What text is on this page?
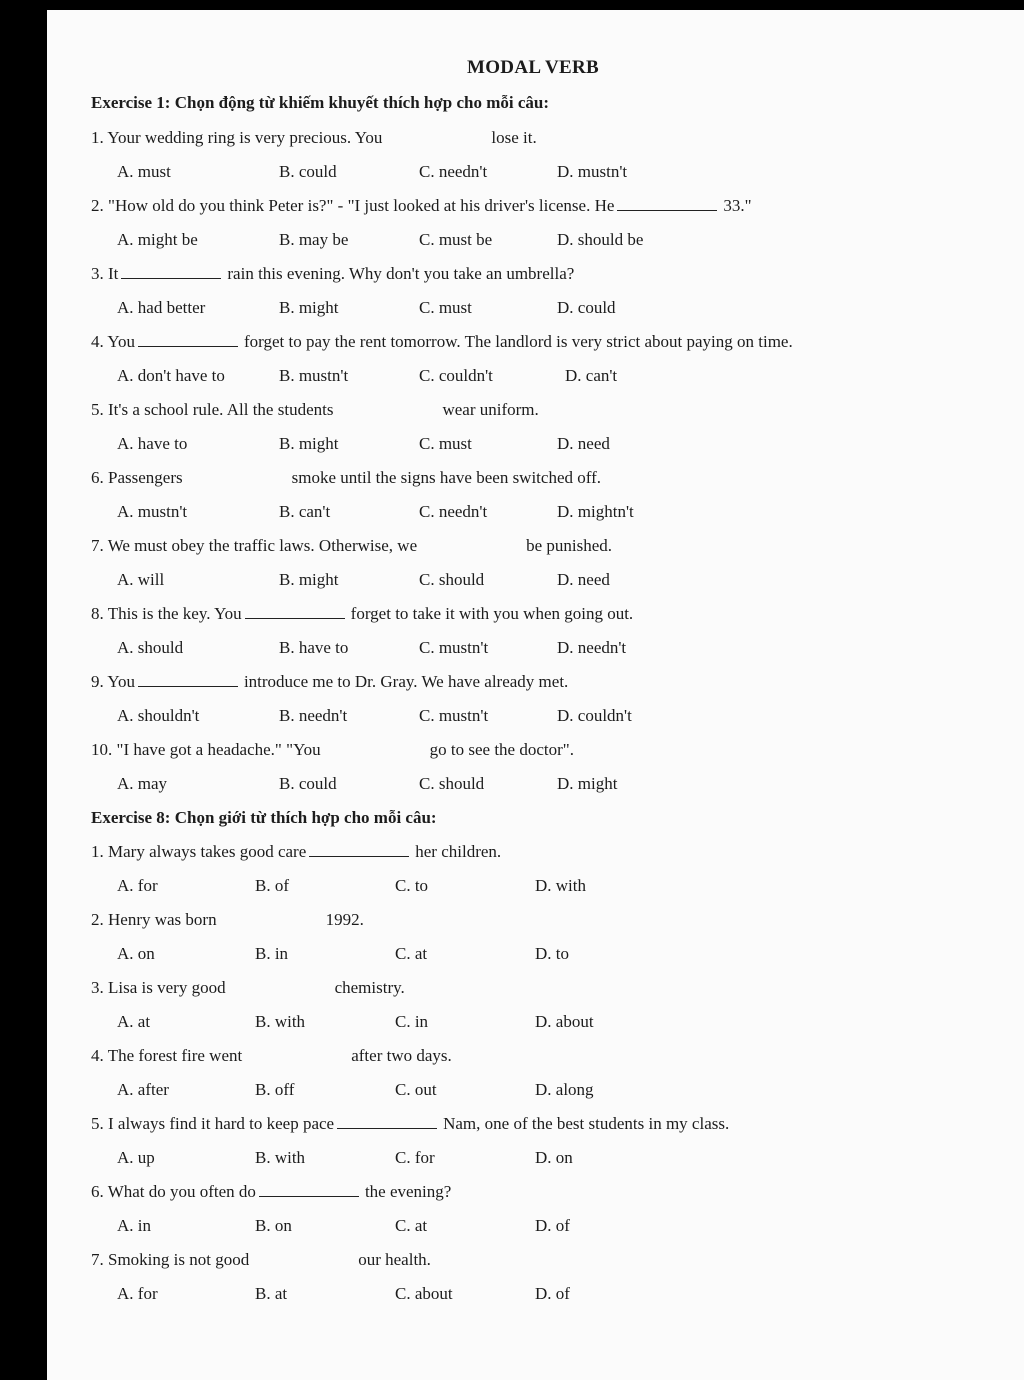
MODAL VERB
Exercise 1: Chọn động từ khiếm khuyết thích hợp cho mỗi câu:
1. Your wedding ring is very precious. You	lose it.
A. must	B. could	C. needn't	D. mustn't
2. "How old do you think Peter is?" - "I just looked at his driver's license. He	33."
A. might be	B. may be	C. must be	D. should be
3. It	rain this evening. Why don't you take an umbrella?
A. had better	B. might	C. must	D. could
4. You	forget to pay the rent tomorrow. The landlord is very strict about paying on time.
A. don't have to	B. mustn't	C. couldn't	D. can't
5. It's a school rule. All the students	wear uniform.
A. have to	B. might	C. must	D. need
6. Passengers	smoke until the signs have been switched off.
A. mustn't	B. can't	C. needn't	D. mightn't
7. We must obey the traffic laws. Otherwise, we	be punished.
A. will	B. might	C. should	D. need
8. This is the key. You	forget to take it with you when going out.
A. should	B. have to	C. mustn't	D. needn't
9. You	introduce me to Dr. Gray. We have already met.
A. shouldn't	B. needn't	C. mustn't	D. couldn't
10. "I have got a headache." "You	go to see the doctor".
A. may	B. could	C. should	D. might
Exercise 8: Chọn giới từ thích hợp cho mỗi câu:
1. Mary always takes good care	her children.
A. for	B. of	C. to	D. with
2. Henry was born	1992.
A. on	B. in	C. at	D. to
3. Lisa is very good	chemistry.
A. at	B. with	C. in	D. about
4. The forest fire went	after two days.
A. after	B. off	C. out	D. along
5. I always find it hard to keep pace	Nam, one of the best students in my class.
A. up	B. with	C. for	D. on
6. What do you often do	the evening?
A. in	B. on	C. at	D. of
7. Smoking is not good	our health.
A. for	B. at	C. about	D. of
